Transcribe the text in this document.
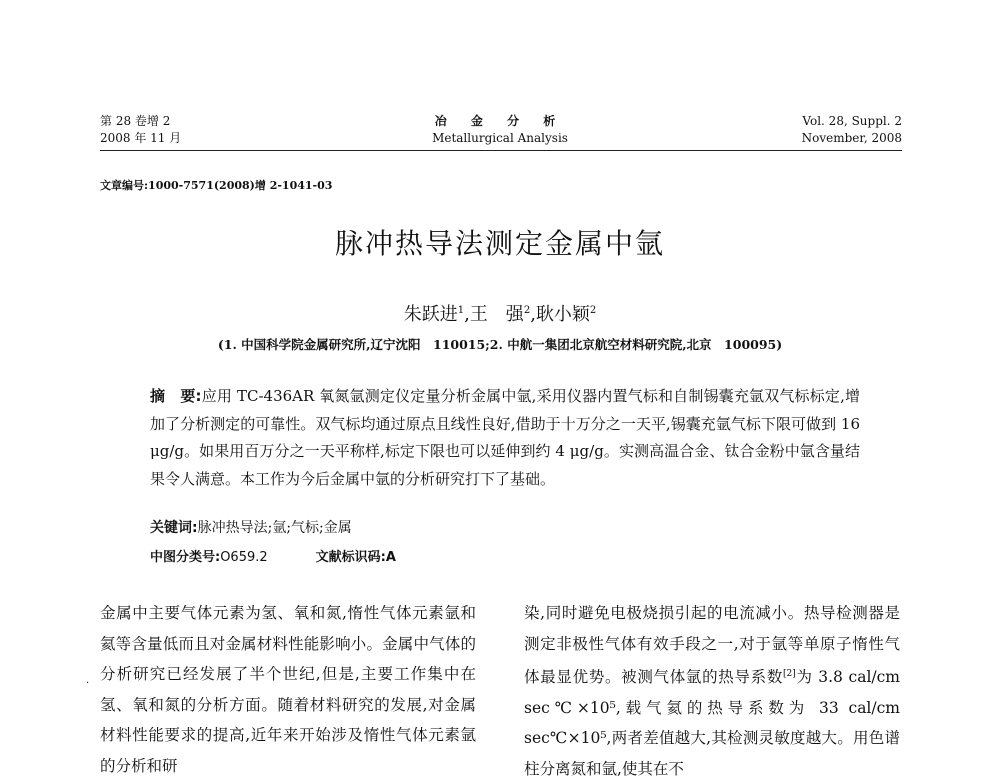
第 28 卷增 2
2008 年 11 月
冶 金 分 析
Metallurgical Analysis
Vol. 28, Suppl. 2
November, 2008
文章编号:1000-7571(2008)增 2-1041-03
脉冲热导法测定金属中氩
朱跃进$^1$,王　强$^2$,耿小颖$^2$
(1. 中国科学院金属研究所,辽宁沈阳　110015;2. 中航一集团北京航空材料研究院,北京　100095)
摘　要:应用 TC-436AR 氧氮氩测定仪定量分析金属中氩,采用仪器内置气标和自制锡囊充氩双气标标定,增加了分析测定的可靠性。双气标均通过原点且线性良好,借助于十万分之一天平,锡囊充氩气标下限可做到 16 μg/g。如果用百万分之一天平称样,标定下限也可以延伸到约 4 μg/g。实测高温合金、钛合金粉中氩含量结果令人满意。本工作为今后金属中氩的分析研究打下了基础。
关键词:脉冲热导法;氩;气标;金属
中图分类号:O659.2	文献标识码:A
·
金属中主要气体元素为氢、氧和氮,惰性气体元素氩和氦等含量低而且对金属材料性能影响小。金属中气体的分析研究已经发展了半个世纪,但是,主要工作集中在氢、氧和氮的分析方面。随着材料研究的发展,对金属材料性能要求的提高,近年来开始涉及惰性气体元素氩的分析和研
染,同时避免电极烧损引起的电流减小。热导检测器是测定非极性气体有效手段之一,对于氩等单原子惰性气体最显优势。被测气体氩的热导系数[2]为 3.8 cal/cm sec℃×10⁵,载气氦的热导系数为 33 cal/cm sec℃×10⁵,两者差值越大,其检测灵敏度越大。用色谱柱分离氮和氩,使其在不
